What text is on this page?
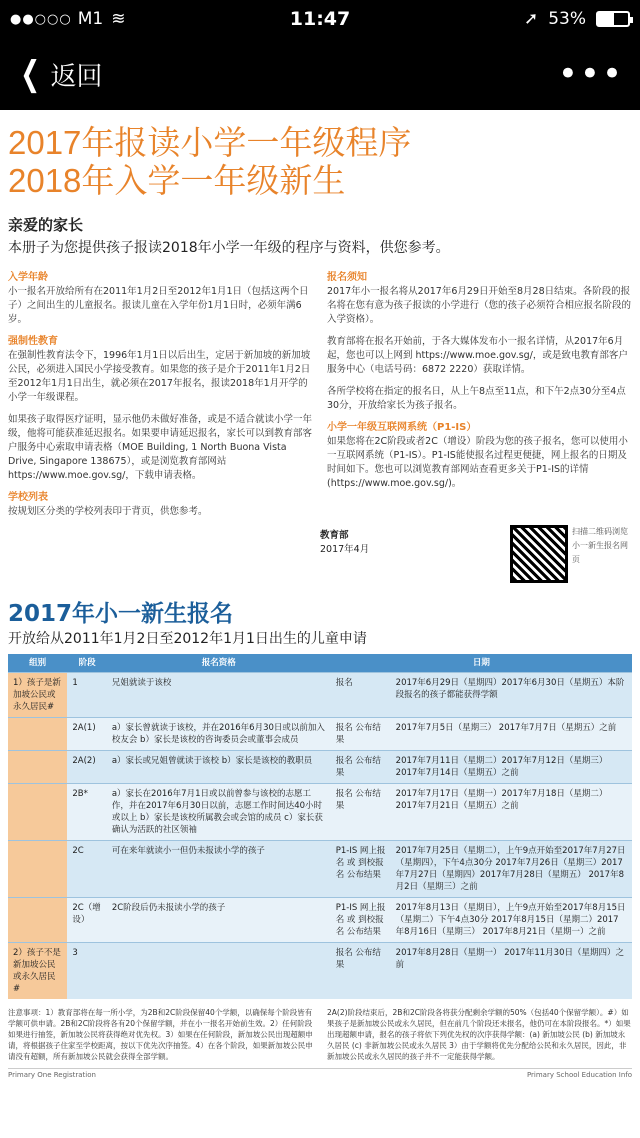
●●○○○ M1 ≋	11:47	➚ 53%
❮ 返回	•••
2017年报读小学一年级程序
2018年入学一年级新生
亲爱的家长
本册子为您提供孩子报读2018年小学一年级的程序与资料，供您参考。
入学年龄
小一报名开放给所有在2011年1月2日至2012年1月1日（包括这两个日子）之间出生的儿童报名。报读儿童在入学年份1月1日时，必须年满6岁。
强制性教育
在强制性教育法令下，1996年1月1日以后出生，定居于新加坡的新加坡公民，必须进入国民小学接受教育。如果您的孩子是介于2011年1月2日至2012年1月1日出生，就必须在2017年报名，报读2018年1月开学的小学一年级课程。
如果孩子取得医疗证明，显示他仍未做好准备，或是不适合就读小学一年级，他将可能获准延迟报名。如果要申请延迟报名，家长可以到教育部客户服务中心索取申请表格（MOE Building, 1 North Buona Vista Drive, Singapore 138675），或是浏览教育部网站 https://www.moe.gov.sg/，下载申请表格。
学校列表
按规划区分类的学校列表印于背页，供您参考。
报名须知
2017年小一报名将从2017年6月29日开始至8月28日结束。各阶段的报名将在您有意为孩子报读的小学进行（您的孩子必须符合相应报名阶段的入学资格）。
教育部将在报名开始前，于各大媒体发布小一报名详情，从2017年6月起，您也可以上网到 https://www.moe.gov.sg/，或是致电教育部客户服务中心（电话号码：6872 2220）获取详情。
各所学校将在指定的报名日，从上午8点至11点，和下午2点30分至4点30分，开放给家长为孩子报名。
小学一年级互联网系统（P1-IS）
如果您将在2C阶段或者2C（增设）阶段为您的孩子报名，您可以使用小一互联网系统（P1-IS）。P1-IS能使报名过程更便捷，网上报名的日期及时间如下。您也可以浏览教育部网站查看更多关于P1-IS的详情(https://www.moe.gov.sg/)。
教育部
2017年4月
扫描二维码浏览小一新生报名网页
2017年小一新生报名
开放给从2011年1月2日至2012年1月1日出生的儿童申请
组别	阶段	报名资格	日期	
1）孩子是新加坡公民或永久居民#	1	兄姐就读于该校	报名	2017年6月29日（星期四）2017年6月30日（星期五）本阶段报名的孩子都能获得学额
	2A(1)	a）家长曾就读于该校，并在2016年6月30日或以前加入校友会 b）家长是该校的咨询委员会或董事会成员	报名 公布结果	2017年7月5日（星期三） 2017年7月7日（星期五）之前
	2A(2)	a）家长或兄姐曾就读于该校 b）家长是该校的教职员	报名 公布结果	2017年7月11日（星期二）2017年7月12日（星期三） 2017年7月14日（星期五）之前
	2B*	a）家长在2016年7月1日或以前曾参与该校的志愿工作，并在2017年6月30日以前，志愿工作时间达40小时或以上 b）家长是该校所属教会或会馆的成员 c）家长获确认为活跃的社区领袖	报名 公布结果	2017年7月17日（星期一）2017年7月18日（星期二） 2017年7月21日（星期五）之前
	2C	可在来年就读小一但仍未报读小学的孩子	P1-IS 网上报名 或 到校报名 公布结果	2017年7月25日（星期二），上午9点开始至2017年7月27日（星期四），下午4点30分 2017年7月26日（星期三）2017年7月27日（星期四）2017年7月28日（星期五） 2017年8月2日（星期三）之前
	2C（增设）	2C阶段后仍未报读小学的孩子	P1-IS 网上报名 或 到校报名 公布结果	2017年8月13日（星期日），上午9点开始至2017年8月15日（星期二）下午4点30分 2017年8月15日（星期二）2017年8月16日（星期三） 2017年8月21日（星期一）之前
2）孩子不是新加坡公民或永久居民#	3		报名 公布结果	2017年8月28日（星期一） 2017年11月30日（星期四）之前
注意事项：1）教育部将在每一所小学，为2B和2C阶段保留40个学额，以确保每个阶段皆有学额可供申请。2B和2C阶段将各有20个保留学额，并在小一报名开始前生效。2）任何阶段如果进行抽签，新加坡公民将获得绝对优先权。3）如果在任何阶段，新加坡公民出现超额申请，将根据孩子住家至学校距离，按以下优先次序抽签。4）在各个阶段，如果新加坡公民申请没有超额，所有新加坡公民就会获得全部学额。
2A(2)阶段结束后，2B和2C阶段各将获分配剩余学额的50%（包括40个保留学额）。#）如果孩子是新加坡公民或永久居民，但在前几个阶段还未报名，他仍可在本阶段报名。*）如果出现超额申请，报名的孩子将依下列优先权的次序获得学额：(a) 新加坡公民 (b) 新加坡永久居民 (c) 非新加坡公民或永久居民 3）由于学额将优先分配给公民和永久居民，因此，非新加坡公民或永久居民的孩子并不一定能获得学额。
Primary One Registration	Primary School Education Info
